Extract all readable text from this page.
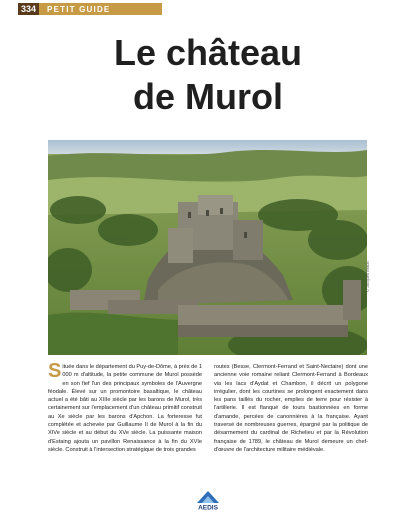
334	PETIT GUIDE
Le château
de Murol
© Jacques Braun
Située dans le département du Puy-de-Dôme, à près de 1 000 m d'altitude, la petite commune de Murol possède en son fief l'un des principaux symboles de l'Auvergne féodale. Élevé sur un promontoire basaltique, le château actuel a été bâti au XIIIe siècle par les barons de Murol, très certainement sur l'emplacement d'un château primitif construit au Xe siècle par les barons d'Apchon. La forteresse fut complétée et achevée par Guillaume II de Murol à la fin du XIVe siècle et au début du XVe siècle. La puissante maison d'Estaing ajouta un pavillon Renaissance à la fin du XVIe siècle. Construit à l'intersection stratégique de trois grandes
routes (Besse, Clermont-Ferrand et Saint-Nectaire) dont une ancienne voie romaine reliant Clermont-Ferrand à Bordeaux via les lacs d'Aydat et Chambon, il décrit un polygone irrégulier, dont les courtines se prolongent exactement dans les pans taillés du rocher, emplies de terre pour résister à l'artillerie. Il est flanqué de tours bastionnées en forme d'amande, percées de canonnières à la française. Ayant traversé de nombreuses guerres, épargné par la politique de désarmement du cardinal de Richelieu et par la Révolution française de 1789, le château de Murol demeure un chef-d'œuvre de l'architecture militaire médiévale.
AEDIS
